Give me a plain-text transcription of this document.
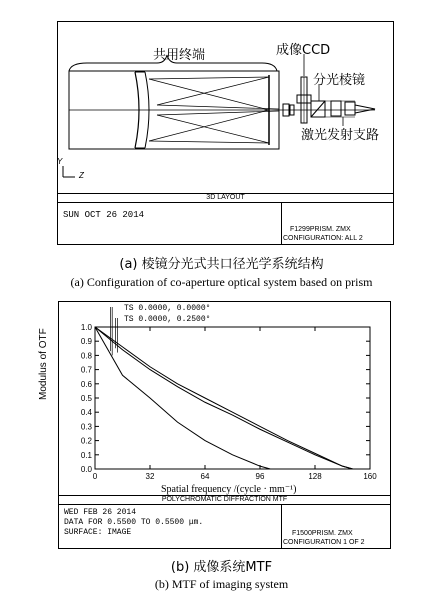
共用终端	成像CCD
分光棱镜
激光发射支路
Y
Z
3D LAYOUT
SUN OCT 26 2014
F1299PRISM. ZMX
CONFIGURATION: ALL 2
(a) 棱镜分光式共口径光学系统结构
(a) Configuration of co-aperture optical system based on prism
0.0
0.1
0.2
0.3
0.4
0.5
0.6
0.7
0.8
0.9
1.0
0	32	64	96	128	160
TS 0.0000, 0.0000°
TS 0.0000, 0.2500°
Modulus of OTF
Spatial frequency /(cycle · mm⁻¹)
POLYCHROMATIC DIFFRACTION MTF
WED FEB 26 2014
DATA FOR 0.5500 TO 0.5500 μm.
SURFACE: IMAGE	F1500PRISM. ZMX
CONFIGURATION 1 OF 2
(b) 成像系统MTF
(b) MTF of imaging system
